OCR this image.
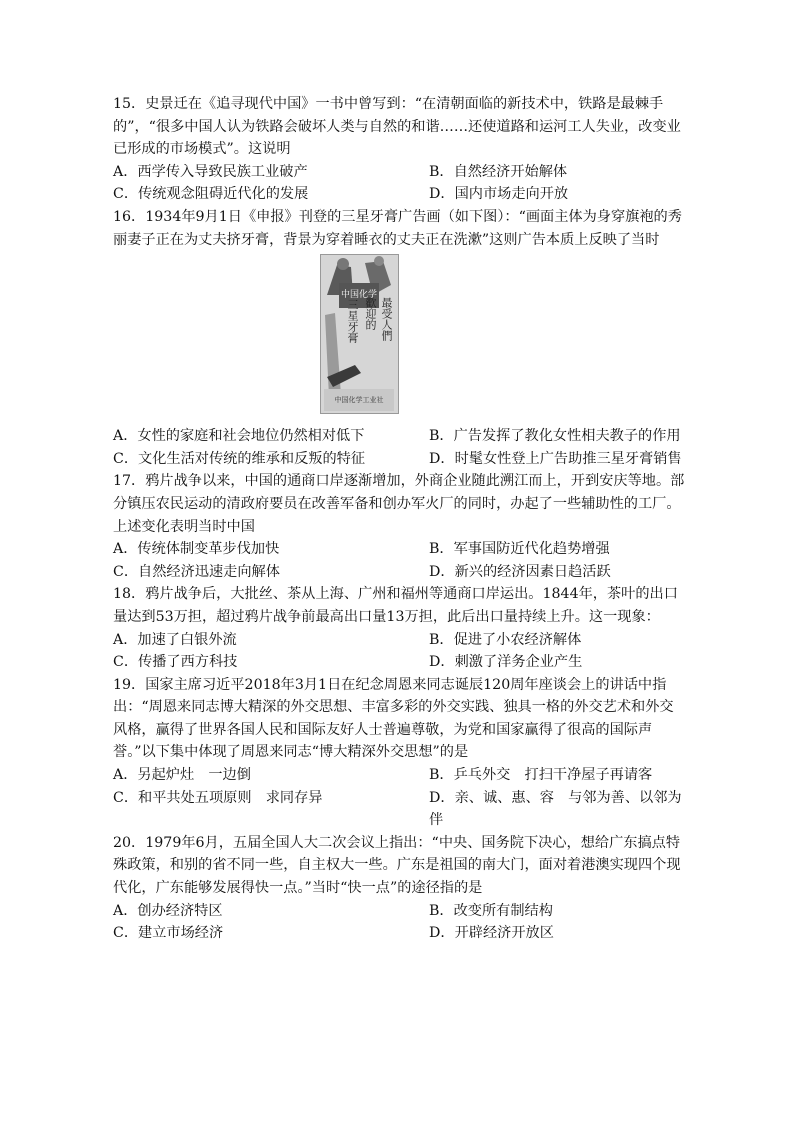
15．史景迁在《追寻现代中国》一书中曾写到：“在清朝面临的新技术中，铁路是最棘手的”，“很多中国人认为铁路会破坏人类与自然的和谐……还使道路和运河工人失业，改变业已形成的市场模式”。这说明

A．西学传入导致民族工业破产	B．自然经济开始解体
C．传统观念阻碍近代化的发展	D．国内市场走向开放

16．1934年9月1日《申报》刊登的三星牙膏广告画（如下图）：“画面主体为身穿旗袍的秀丽妻子正在为丈夫挤牙膏，背景为穿着睡衣的丈夫正在洗漱”这则广告本质上反映了当时

中国化学
最受人們
歡迎的
三星牙膏
中国化学工业社
A．女性的家庭和社会地位仍然相对低下	B．广告发挥了教化女性相夫教子的作用
C．文化生活对传统的维承和反叛的特征	D．时髦女性登上广告助推三星牙膏销售

17．鸦片战争以来，中国的通商口岸逐渐增加，外商企业随此溯江而上，开到安庆等地。部分镇压农民运动的清政府要员在改善军备和创办军火厂的同时，办起了一些辅助性的工厂。上述变化表明当时中国

A．传统体制变革步伐加快	B．军事国防近代化趋势增强
C．自然经济迅速走向解体	D．新兴的经济因素日趋活跃

18．鸦片战争后，大批丝、茶从上海、广州和福州等通商口岸运出。1844年，茶叶的出口量达到53万担，超过鸦片战争前最高出口量13万担，此后出口量持续上升。这一现象：

A．加速了白银外流	B．促进了小农经济解体
C．传播了西方科技	D．刺激了洋务企业产生

19．国家主席习近平2018年3月1日在纪念周恩来同志诞辰120周年座谈会上的讲话中指出：“周恩来同志博大精深的外交思想、丰富多彩的外交实践、独具一格的外交艺术和外交风格，赢得了世界各国人民和国际友好人士普遍尊敬，为党和国家赢得了很高的国际声誉。”以下集中体现了周恩来同志“博大精深外交思想”的是

A．另起炉灶　一边倒	B．乒乓外交　打扫干净屋子再请客
C．和平共处五项原则　求同存异	D．亲、诚、惠、容　与邻为善、以邻为伴

20．1979年6月，五届全国人大二次会议上指出：“中央、国务院下决心，想给广东搞点特殊政策，和别的省不同一些，自主权大一些。广东是祖国的南大门，面对着港澳实现四个现代化，广东能够发展得快一点。”当时“快一点”的途径指的是

A．创办经济特区	B．改变所有制结构
C．建立市场经济	D．开辟经济开放区
